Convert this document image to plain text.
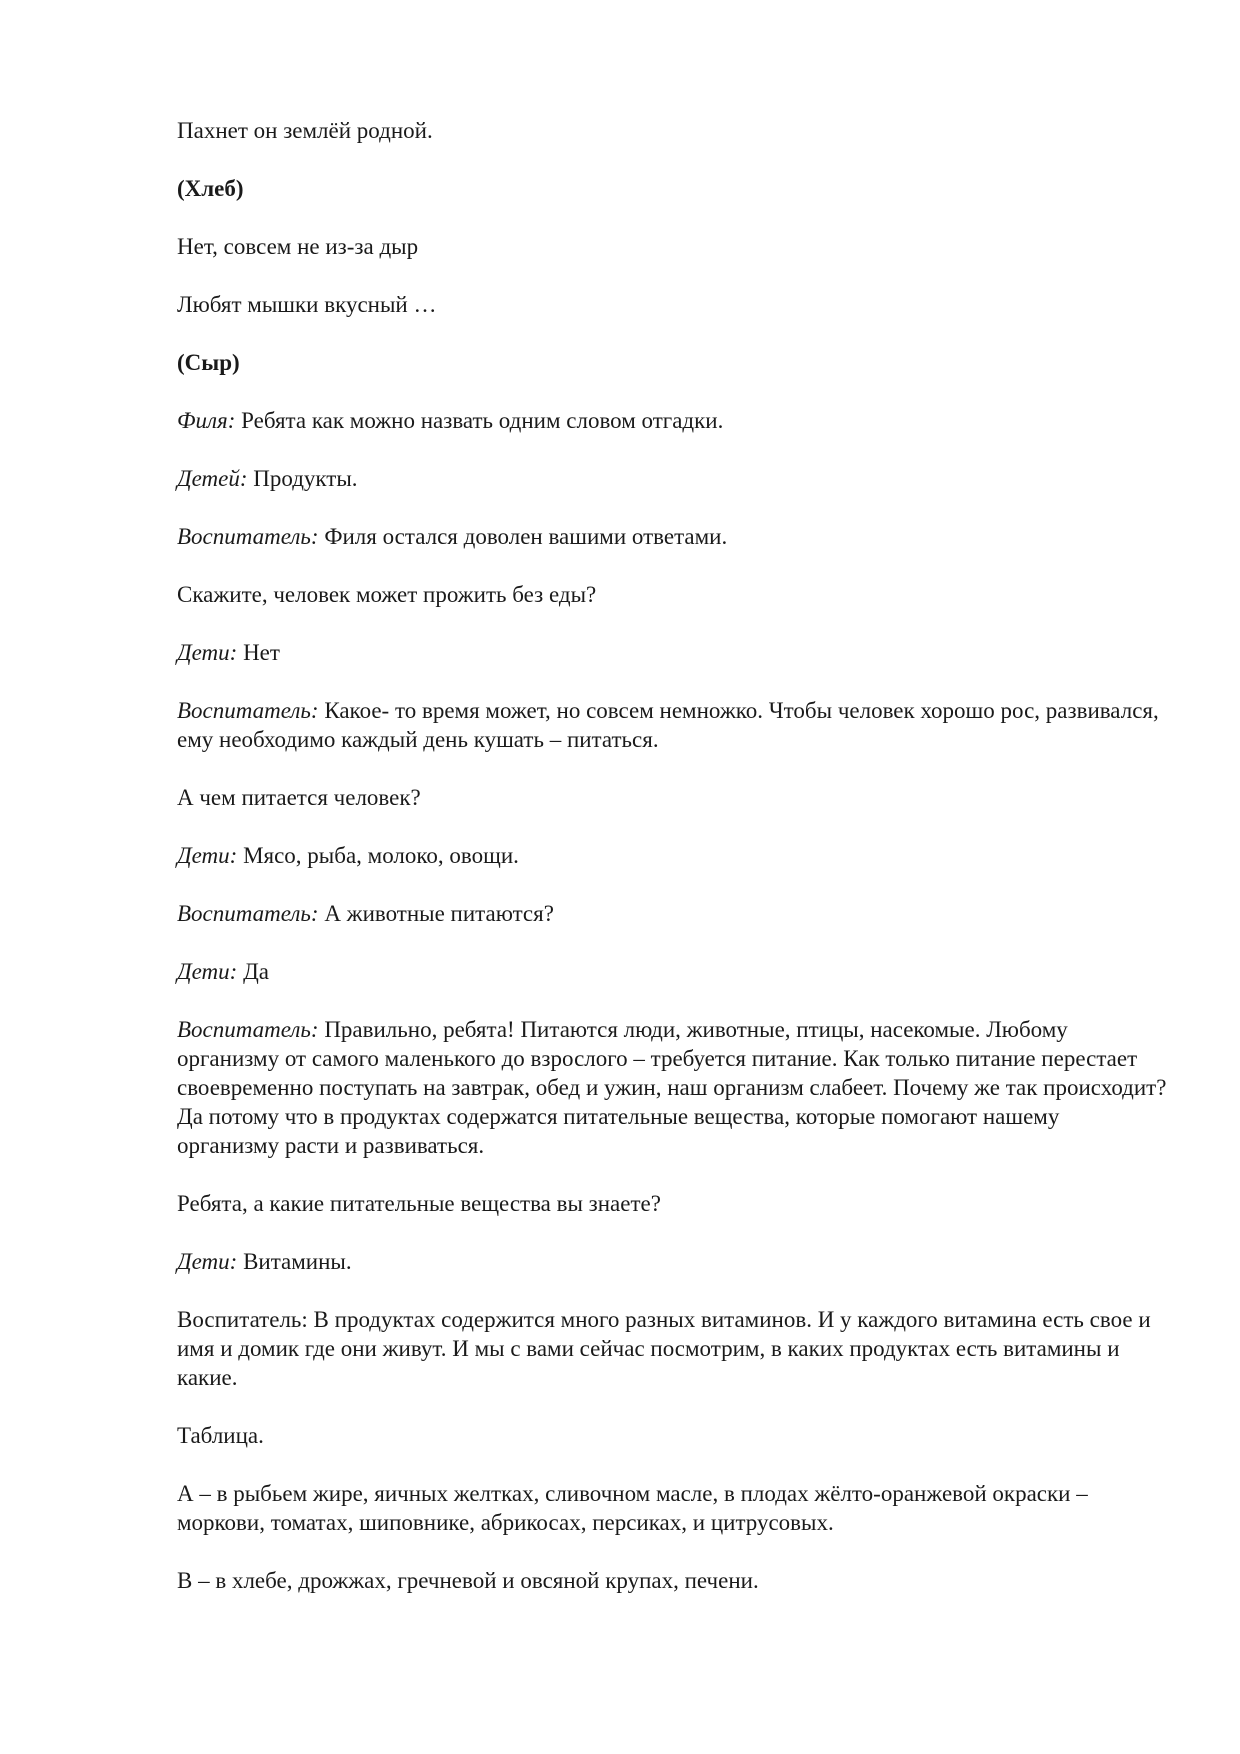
Пахнет он землёй родной.

(Хлеб)

Нет, совсем не из-за дыр

Любят мышки вкусный …

(Сыр)

Филя: Ребята как можно назвать одним словом отгадки.

Детей: Продукты.

Воспитатель: Филя остался доволен вашими ответами.

Скажите, человек может прожить без еды?

Дети: Нет

Воспитатель: Какое- то время может, но совсем немножко. Чтобы человек хорошо рос, развивался, ему необходимо каждый день кушать – питаться.

А чем питается человек?

Дети: Мясо, рыба, молоко, овощи.

Воспитатель: А животные питаются?

Дети: Да

Воспитатель: Правильно, ребята! Питаются люди, животные, птицы, насекомые. Любому организму от самого маленького до взрослого – требуется питание. Как только питание перестает своевременно поступать на завтрак, обед и ужин, наш организм слабеет. Почему же так происходит? Да потому что в продуктах содержатся питательные вещества, которые помогают нашему организму расти и развиваться.

Ребята, а какие питательные вещества вы знаете?

Дети: Витамины.

Воспитатель: В продуктах содержится много разных витаминов. И у каждого витамина есть свое и имя и домик где они живут. И мы с вами сейчас посмотрим, в каких продуктах есть витамины и какие.

Таблица.

А – в рыбьем жире, яичных желтках, сливочном масле, в плодах жёлто-оранжевой окраски – моркови, томатах, шиповнике, абрикосах, персиках, и цитрусовых.

В – в хлебе, дрожжах, гречневой и овсяной крупах, печени.
